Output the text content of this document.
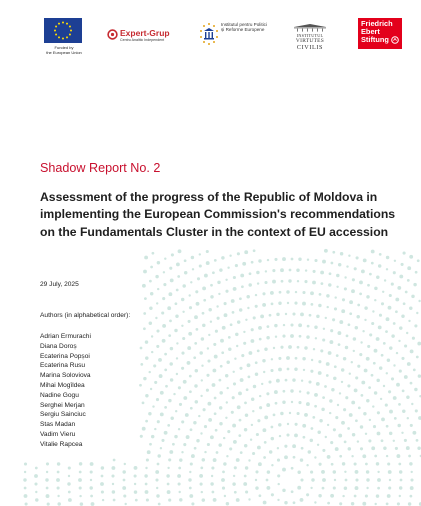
Funded by
the European Union
Expert-Grup
Centru Analitic Independent
Institutul pentru Politici și Reforme Europene
INSTITUTUL
VIRTUTES
CIVILIS
Friedrich
Ebert
Stiftung
Shadow Report No. 2
Assessment of the progress of the Republic of Moldova in implementing the European Commission's recommendations on the Fundamentals Cluster in the context of EU accession
29 July, 2025
Authors (in alphabetical order):
Adrian Ermurachi
Diana Doroș
Ecaterina Popșoi
Ecaterina Rusu
Marina Soloviova
Mihai Mogîldea
Nadine Gogu
Serghei Merjan
Sergiu Sainciuc
Stas Madan
Vadim Vieru
Vitalie Rapcea
